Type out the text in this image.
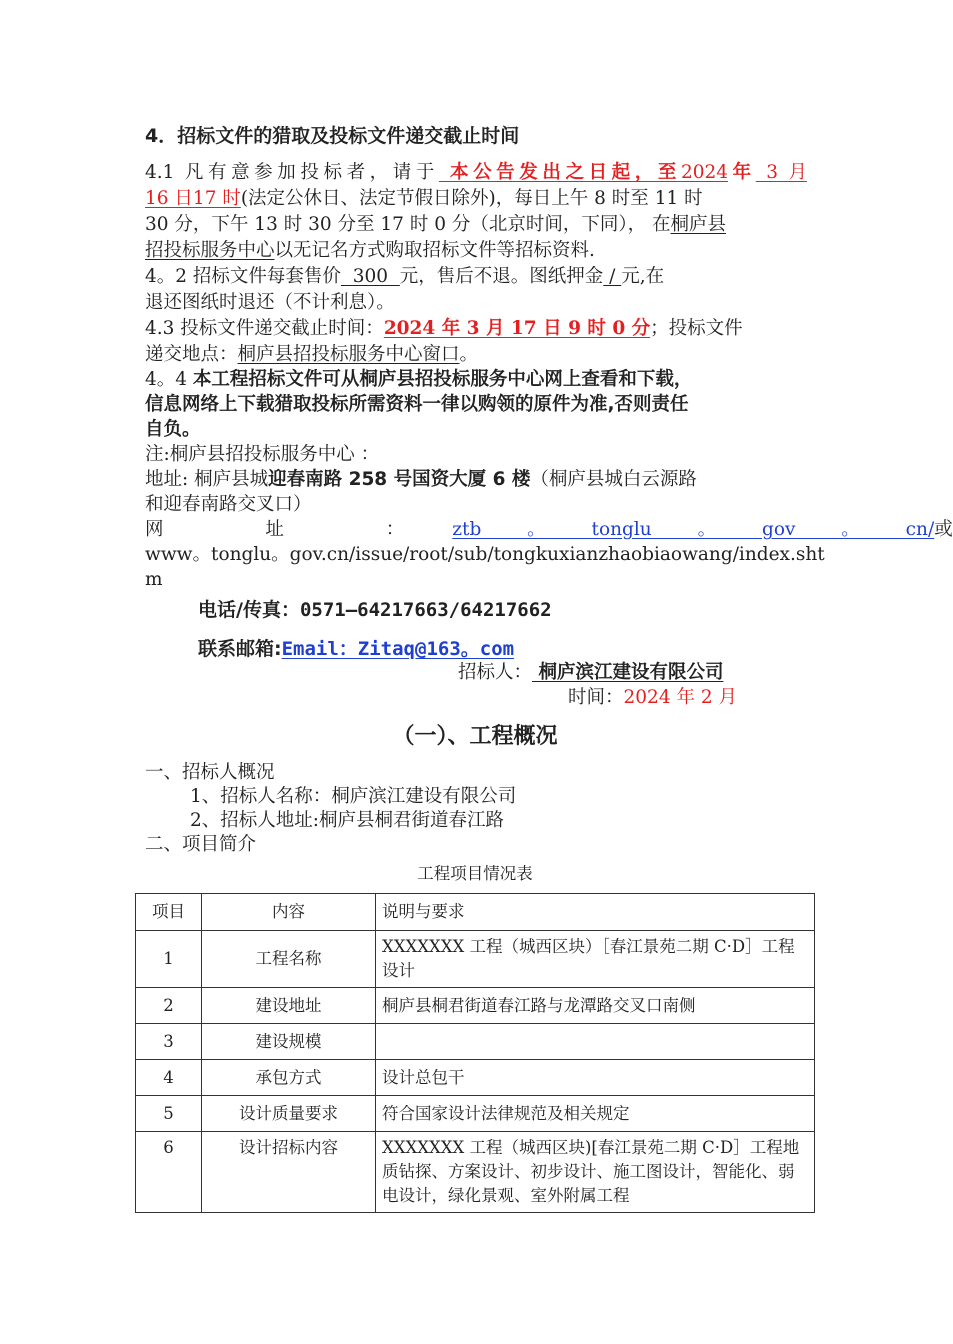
4．招标文件的猎取及投标文件递交截止时间
4.1 凡有意参加投标者，请于 本公告发出之日起，至2024年 3 月
16 日17 时(法定公休日、法定节假日除外)，每日上午 8 时至 11 时
30 分，下午 13 时 30 分至 17 时 0 分（北京时间，下同）， 在桐庐县
招投标服务中心以无记名方式购取招标文件等招标资料.
4。2 招标文件每套售价  300  元，售后不退。图纸押金 / 元,在
退还图纸时退还（不计利息）。
4.3 投标文件递交截止时间：2024 年 3 月 17 日 9 时 0 分；投标文件
递交地点：桐庐县招投标服务中心窗口。
4。4 本工程招标文件可从桐庐县招投标服务中心网上查看和下载，
信息网络上下载猎取投标所需资料一律以购领的原件为准,否则责任
自负。
注:桐庐县招投标服务中心 ：
地址: 桐庐县城迎春南路 258 号国资大厦 6 楼（桐庐县城白云源路
和迎春南路交叉口）
网 址 ： ztb 。 tonglu 。 gov 。 cn/ 或
www。tonglu。gov.cn/issue/root/sub/tongkuxianzhaobiaowang/index.sht
m
电话/传真：0571—64217663/64217662
联系邮箱:Email：Zitaq@163。com
招标人： 桐庐滨江建设有限公司
时间：2024 年 2 月
（一）、工程概况
一、招标人概况
1、招标人名称：桐庐滨江建设有限公司
2、招标人地址:桐庐县桐君街道春江路
二、项目简介
工程项目情况表
项目	内容	说明与要求
1	工程名称	XXXXXXX 工程（城西区块）［春江景苑二期 C·D］工程设计
2	建设地址	桐庐县桐君街道春江路与龙潭路交叉口南侧
3	建设规模	
4	承包方式	设计总包干
5	设计质量要求	符合国家设计法律规范及相关规定
6	设计招标内容	XXXXXXX 工程（城西区块)[春江景苑二期 C·D］工程地质钻探、方案设计、初步设计、施工图设计，智能化、弱电设计，绿化景观、室外附属工程
